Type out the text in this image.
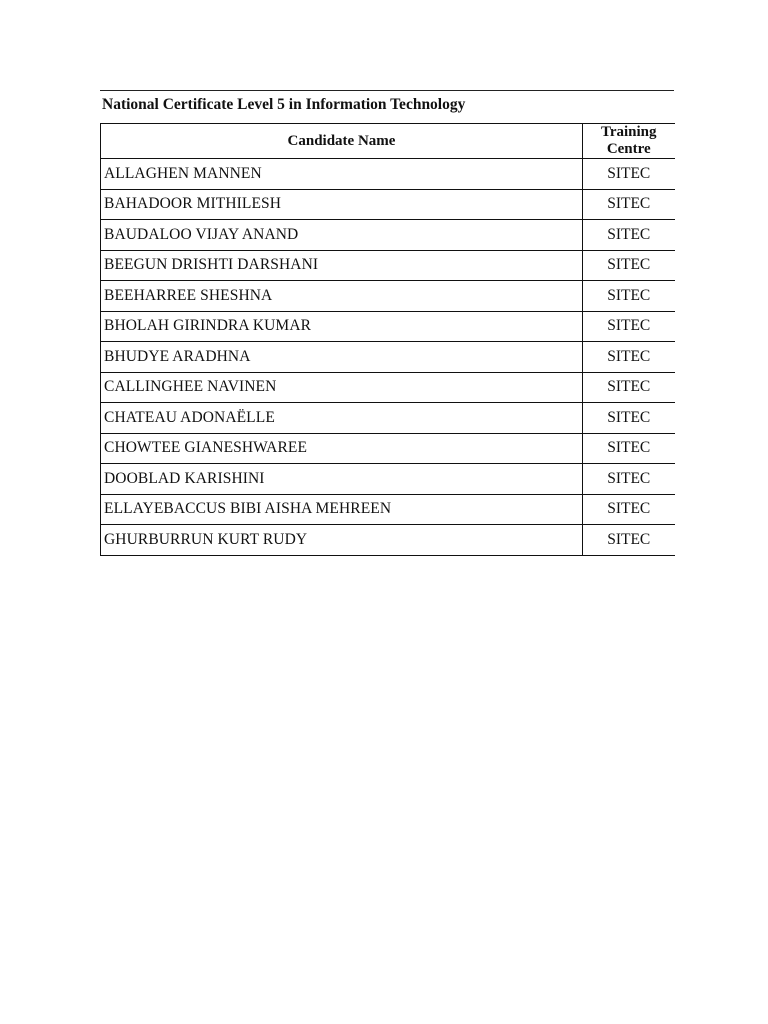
National Certificate Level 5 in Information Technology
Candidate Name	Training Centre
ALLAGHEN MANNEN	SITEC
BAHADOOR MITHILESH	SITEC
BAUDALOO VIJAY ANAND	SITEC
BEEGUN DRISHTI DARSHANI	SITEC
BEEHARREE SHESHNA	SITEC
BHOLAH GIRINDRA KUMAR	SITEC
BHUDYE ARADHNA	SITEC
CALLINGHEE NAVINEN	SITEC
CHATEAU ADONAËLLE	SITEC
CHOWTEE GIANESHWAREE	SITEC
DOOBLAD KARISHINI	SITEC
ELLAYEBACCUS BIBI AISHA MEHREEN	SITEC
GHURBURRUN KURT RUDY	SITEC
